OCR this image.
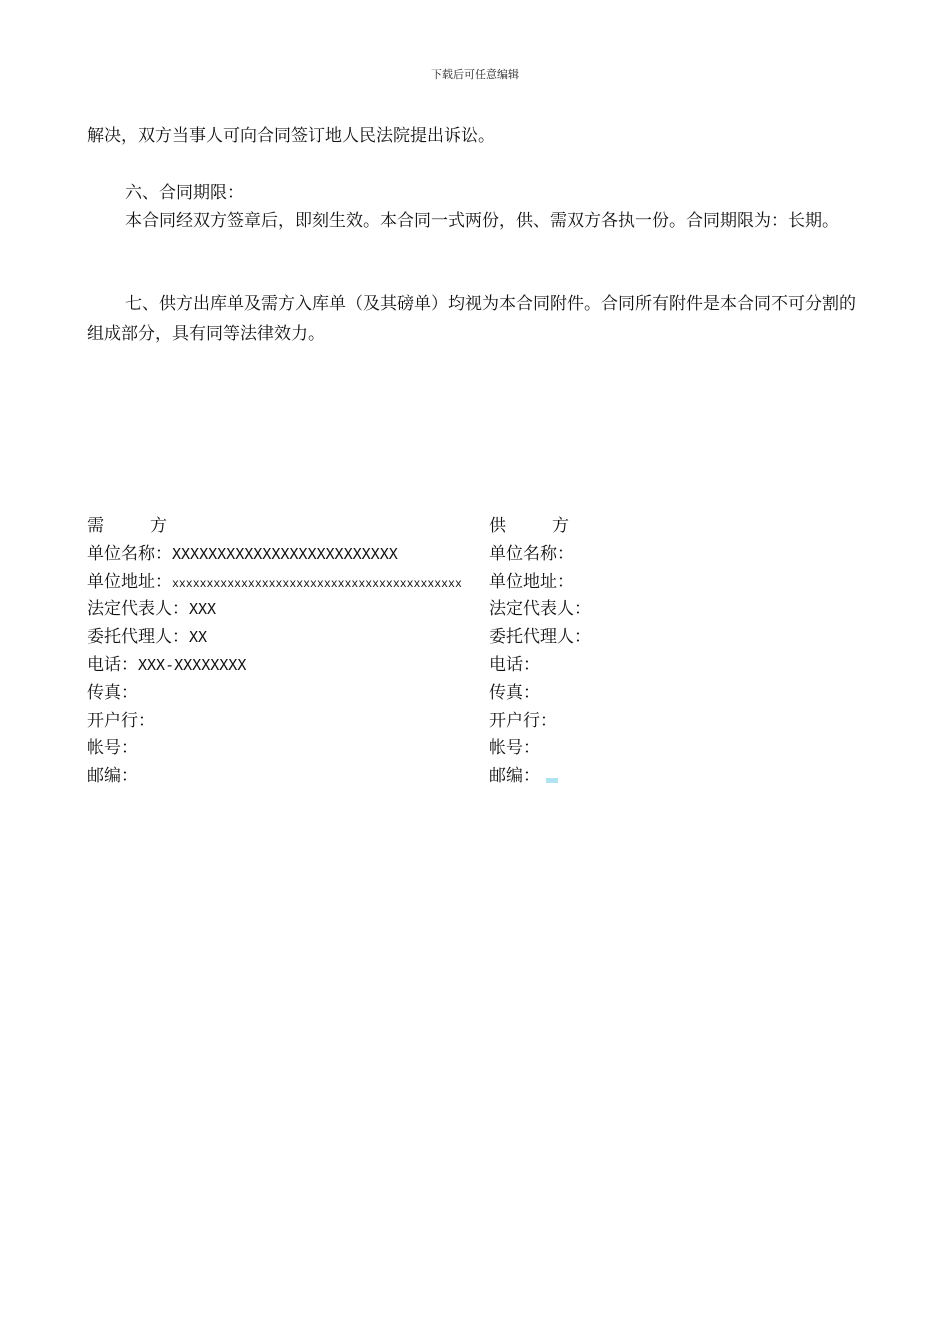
下载后可任意编辑

解决，双方当事人可向合同签订地人民法院提出诉讼。

六、合同期限：

本合同经双方签章后，即刻生效。本合同一式两份，供、需双方各执一份。合同期限为：长期。

七、供方出库单及需方入库单（及其磅单）均视为本合同附件。合同所有附件是本合同不可分割的组成部分，具有同等法律效力。

需	方
单位名称：XXXXXXXXXXXXXXXXXXXXXXXXX
单位地址：xxxxxxxxxxxxxxxxxxxxxxxxxxxxxxxxxxxxxxxxxx
法定代表人：XXX
委托代理人：XX
电话：XXX-XXXXXXXX
传真：
开户行：
帐号：
邮编：
供	方
单位名称：
单位地址：
法定代表人：
委托代理人：
电话：
传真：
开户行：
帐号：
邮编：
